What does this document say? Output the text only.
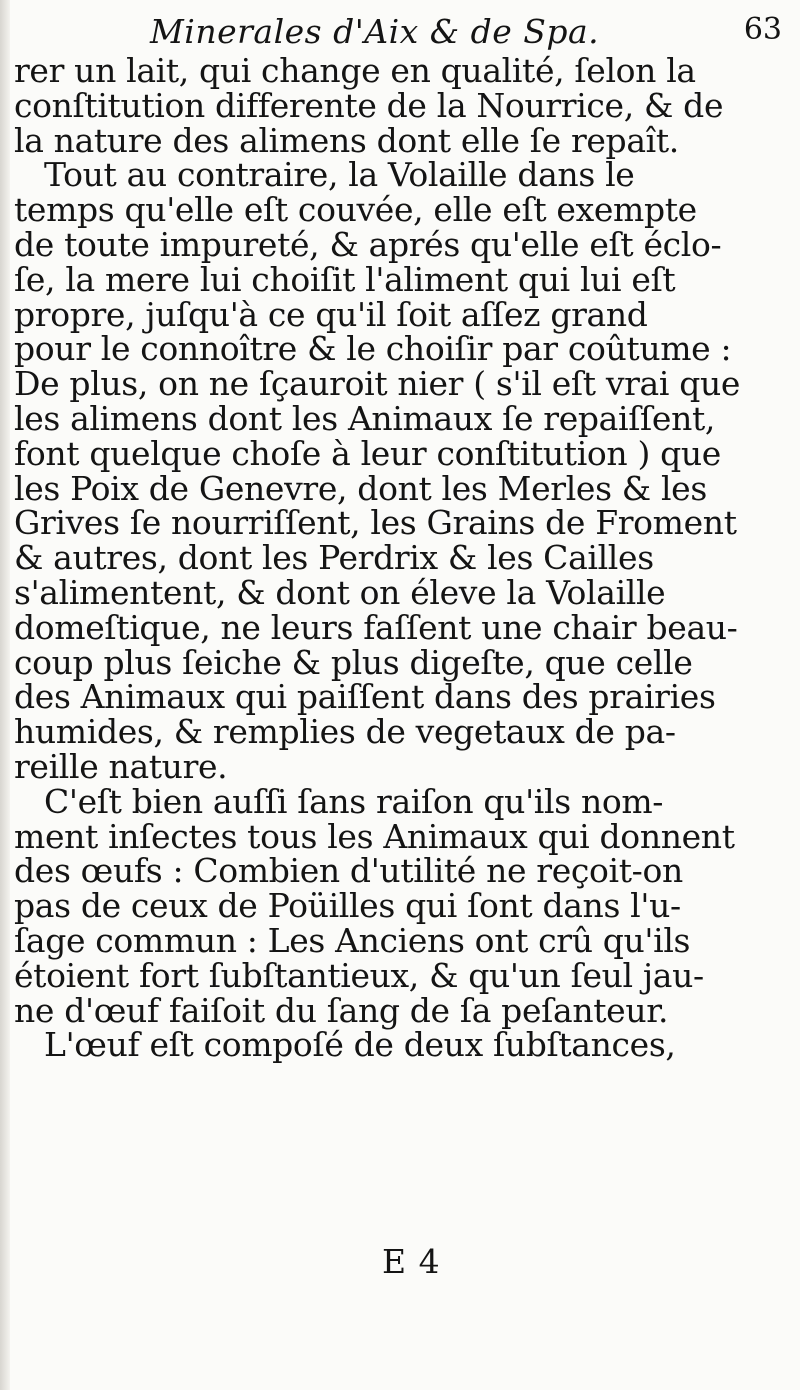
Minerales d'Aix & de Spa.	63
rer un lait, qui change en qualité, ſelon la
conſtitution differente de la Nourrice, & de
la nature des alimens dont elle ſe repaît.
Tout au contraire, la Volaille dans le
temps qu'elle eſt couvée, elle eſt exempte
de toute impureté, & aprés qu'elle eſt éclo-
ſe, la mere lui choiſit l'aliment qui lui eſt
propre, juſqu'à ce qu'il ſoit aſſez grand
pour le connoître & le choiſir par coûtume :
De plus, on ne ſçauroit nier ( s'il eſt vrai que
les alimens dont les Animaux ſe repaiſſent,
font quelque choſe à leur conſtitution ) que
les Poix de Genevre, dont les Merles & les
Grives ſe nourriſſent, les Grains de Froment
& autres, dont les Perdrix & les Cailles
s'alimentent, & dont on éleve la Volaille
domeſtique, ne leurs faſſent une chair beau-
coup plus ſeiche & plus digeſte, que celle
des Animaux qui paiſſent dans des prairies
humides, & remplies de vegetaux de pa-
reille nature.
C'eſt bien auſſi ſans raiſon qu'ils nom-
ment inſectes tous les Animaux qui donnent
des œufs : Combien d'utilité ne reçoit-on
pas de ceux de Poüilles qui ſont dans l'u-
ſage commun : Les Anciens ont crû qu'ils
étoient fort ſubſtantieux, & qu'un ſeul jau-
ne d'œuf faiſoit du ſang de ſa peſanteur.
L'œuf eſt compoſé de deux ſubſtances,
E 4
